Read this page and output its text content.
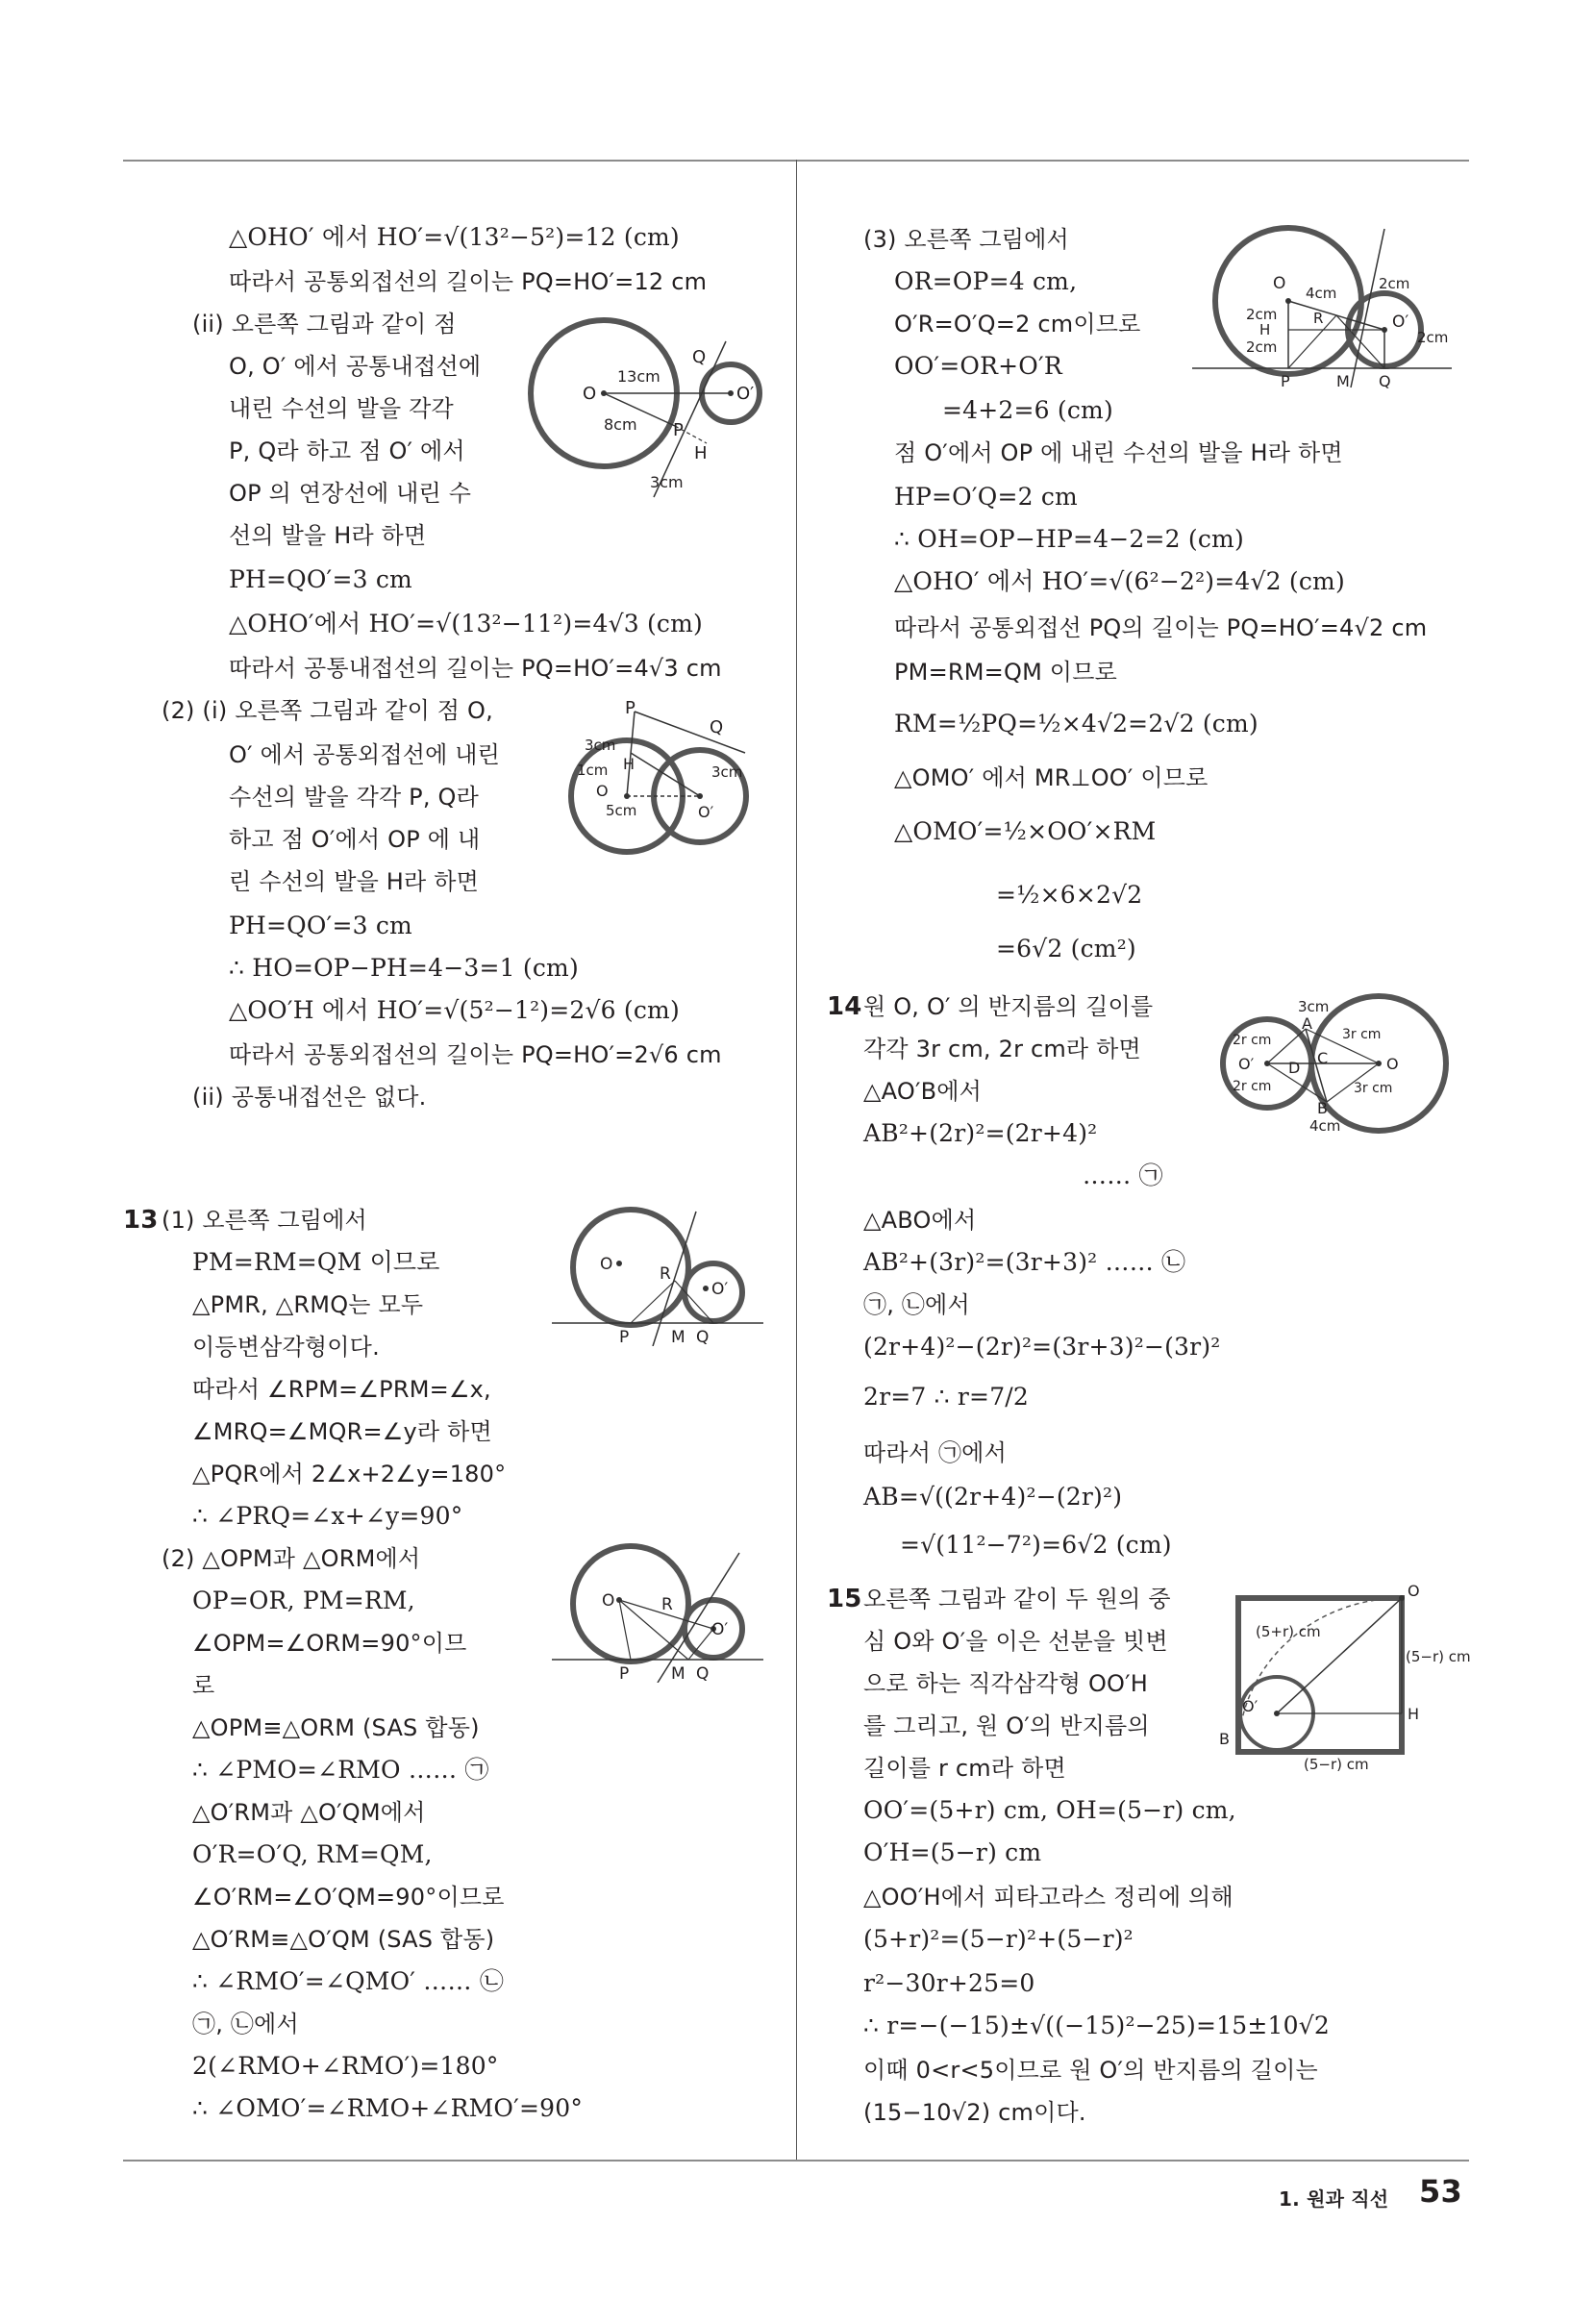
△OHO′ 에서 HO′=√(13²−5²)=12 (cm)
따라서 공통외접선의 길이는 PQ=HO′=12 cm
(ii) 오른쪽 그림과 같이 점
O, O′ 에서 공통내접선에
내린 수선의 발을 각각
P, Q라 하고 점 O′ 에서
OP 의 연장선에 내린 수
선의 발을 H라 하면
PH=QO′=3 cm
△OHO′에서 HO′=√(13²−11²)=4√3 (cm)
따라서 공통내접선의 길이는 PQ=HO′=4√3 cm
(2) (i) 오른쪽 그림과 같이 점 O,
O′ 에서 공통외접선에 내린
수선의 발을 각각 P, Q라
하고 점 O′에서 OP 에 내
린 수선의 발을 H라 하면
PH=QO′=3 cm
∴ HO=OP−PH=4−3=1 (cm)
△OO′H 에서 HO′=√(5²−1²)=2√6 (cm)
따라서 공통외접선의 길이는 PQ=HO′=2√6 cm
(ii) 공통내접선은 없다.
13 (1) 오른쪽 그림에서
PM=RM=QM 이므로
△PMR, △RMQ는 모두
이등변삼각형이다.
따라서 ∠RPM=∠PRM=∠x,
∠MRQ=∠MQR=∠y라 하면
△PQR에서 2∠x+2∠y=180°
∴ ∠PRQ=∠x+∠y=90°
(2) △OPM과 △ORM에서
OP=OR, PM=RM,
∠OPM=∠ORM=90°이므
로
△OPM≡△ORM (SAS 합동)
∴ ∠PMO=∠RMO …… ㉠
△O′RM과 △O′QM에서
O′R=O′Q, RM=QM,
∠O′RM=∠O′QM=90°이므로
△O′RM≡△O′QM (SAS 합동)
∴ ∠RMO′=∠QMO′ …… ㉡
㉠, ㉡에서
2(∠RMO+∠RMO′)=180°
∴ ∠OMO′=∠RMO+∠RMO′=90°
(3) 오른쪽 그림에서
OR=OP=4 cm,
O′R=O′Q=2 cm이므로
OO′=OR+O′R
=4+2=6 (cm)
점 O′에서 OP 에 내린 수선의 발을 H라 하면
HP=O′Q=2 cm
∴ OH=OP−HP=4−2=2 (cm)
△OHO′ 에서 HO′=√(6²−2²)=4√2 (cm)
따라서 공통외접선 PQ의 길이는 PQ=HO′=4√2 cm
PM=RM=QM 이므로
RM=½PQ=½×4√2=2√2 (cm)
△OMO′ 에서 MR⊥OO′ 이므로
△OMO′=½×OO′×RM
=½×6×2√2
=6√2 (cm²)
14 원 O, O′ 의 반지름의 길이를
각각 3r cm, 2r cm라 하면
△AO′B에서
AB²+(2r)²=(2r+4)²
…… ㉠
△ABO에서
AB²+(3r)²=(3r+3)² …… ㉡
㉠, ㉡에서
(2r+4)²−(2r)²=(3r+3)²−(3r)²
2r=7 ∴ r=7/2
따라서 ㉠에서
AB=√((2r+4)²−(2r)²)
=√(11²−7²)=6√2 (cm)
15 오른쪽 그림과 같이 두 원의 중
심 O와 O′을 이은 선분을 빗변
으로 하는 직각삼각형 OO′H
를 그리고, 원 O′의 반지름의
길이를 r cm라 하면
OO′=(5+r) cm, OH=(5−r) cm,
O′H=(5−r) cm
△OO′H에서 피타고라스 정리에 의해
(5+r)²=(5−r)²+(5−r)²
r²−30r+25=0
∴ r=−(−15)±√((−15)²−25)=15±10√2
이때 0<r<5이므로 원 O′의 반지름의 길이는
(15−10√2) cm이다.
O	O′
13cm
8cm
3cm
P
Q
H
P
Q
3cm
1cm H
O
5cm	O′
3cm
O
O′
4cm
2cm
2cm
H
R
2cm
2cm
P	M Q
O
O′
R
P	M Q
3cm
A
2r cm	3r cm
O′ D
C	O
2r cm	3r cm
B
4cm
O	R
O′
P	M Q
O
(5+r) cm
(5−r) cm
O′	H
B
(5−r) cm
1. 원과 직선 53
